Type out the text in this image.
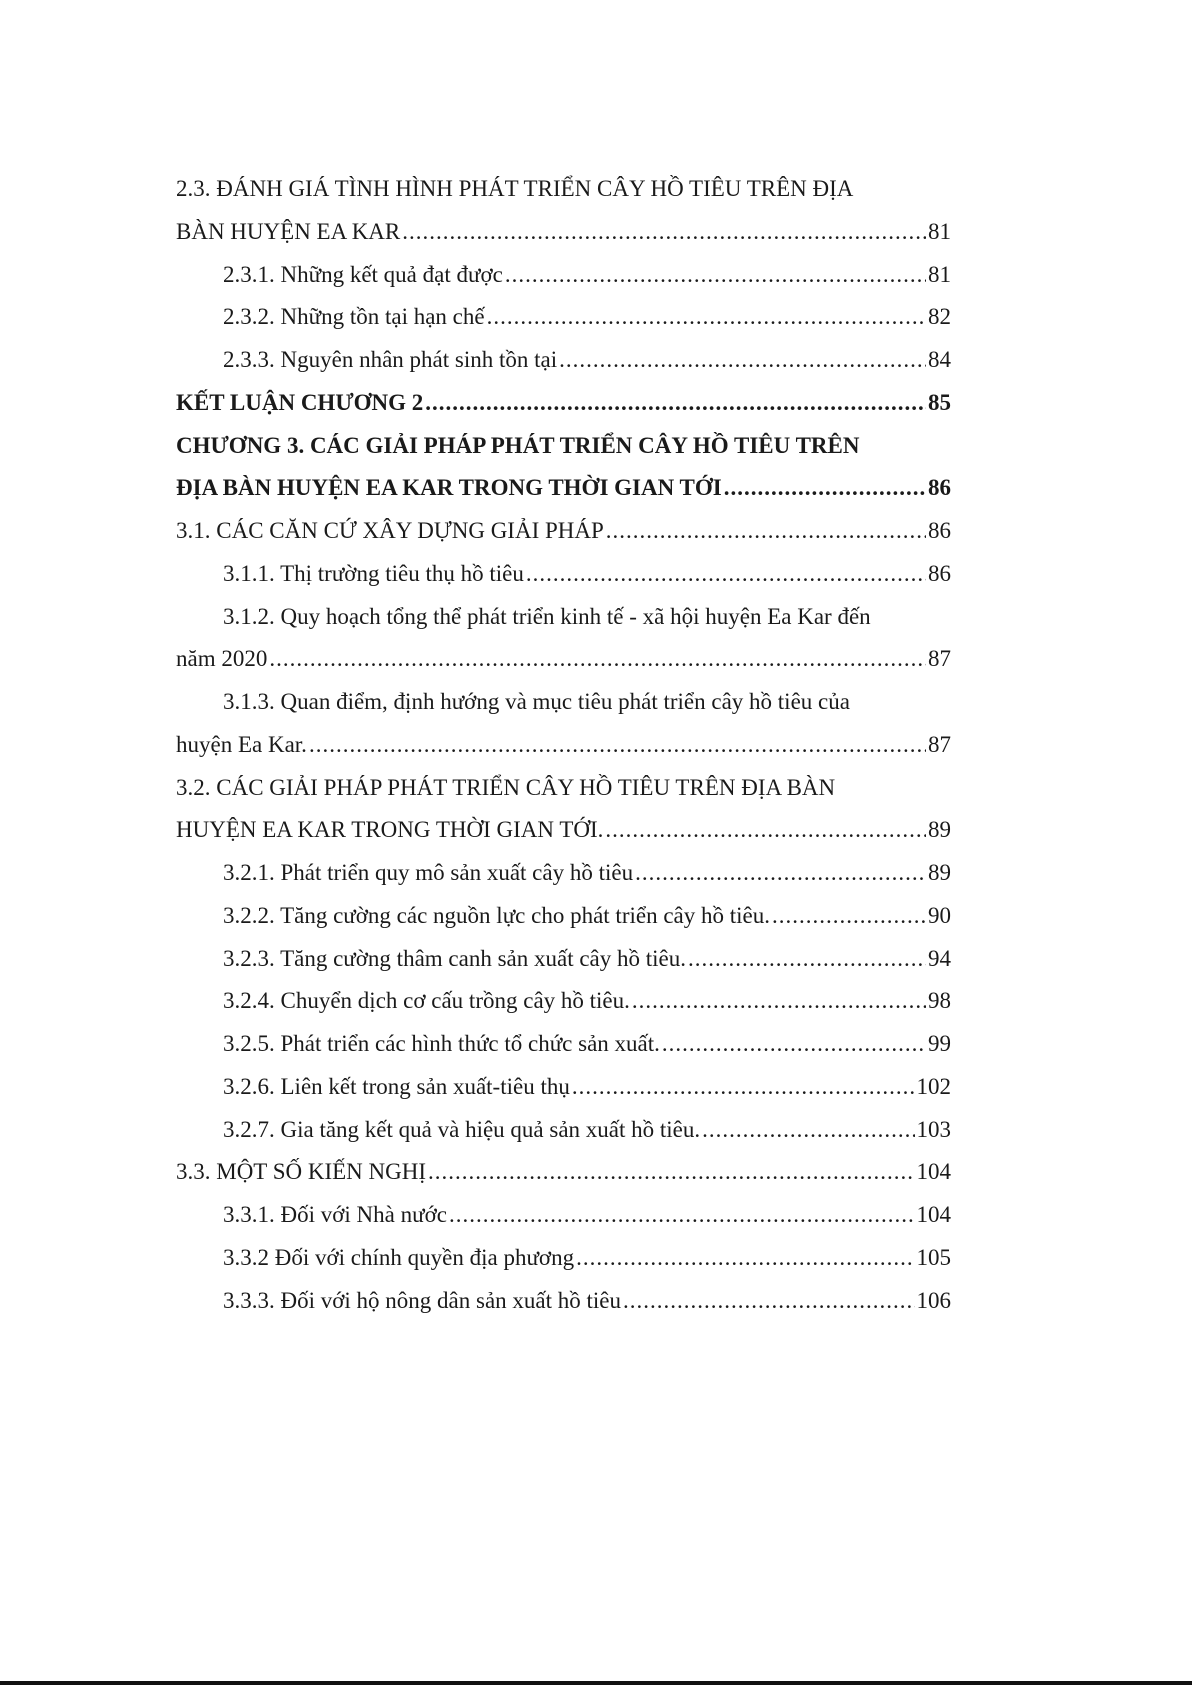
2.3. ĐÁNH GIÁ TÌNH HÌNH PHÁT TRIỂN CÂY HỒ TIÊU TRÊN ĐỊA
BÀN HUYỆN EA KAR .....	81
2.3.1. Những kết quả đạt được .....	81
2.3.2. Những tồn tại hạn chế .....	82
2.3.3. Nguyên nhân phát sinh tồn tại .....	84
KẾT LUẬN CHƯƠNG 2 .....	85
CHƯƠNG 3. CÁC GIẢI PHÁP PHÁT TRIỂN CÂY HỒ TIÊU TRÊN
ĐỊA BÀN HUYỆN EA KAR TRONG THỜI GIAN TỚI .....	86
3.1. CÁC CĂN CỨ XÂY DỰNG GIẢI PHÁP .....	86
3.1.1. Thị trường tiêu thụ hồ tiêu .....	86
3.1.2. Quy hoạch tổng thể phát triển kinh tế - xã hội huyện Ea Kar đến
năm 2020 .....	87
3.1.3. Quan điểm, định hướng và mục tiêu phát triển cây hồ tiêu của
huyện Ea Kar. .....	87
3.2. CÁC GIẢI PHÁP PHÁT TRIỂN CÂY HỒ TIÊU TRÊN ĐỊA BÀN
HUYỆN EA KAR TRONG THỜI GIAN TỚI. .....	89
3.2.1. Phát triển quy mô sản xuất cây hồ tiêu .....	89
3.2.2. Tăng cường các nguồn lực cho phát triển cây hồ tiêu. .....	90
3.2.3. Tăng cường thâm canh sản xuất cây hồ tiêu. .....	94
3.2.4. Chuyển dịch cơ cấu trồng cây hồ tiêu. .....	98
3.2.5. Phát triển các hình thức tổ chức sản xuất. .....	99
3.2.6. Liên kết trong sản xuất-tiêu thụ .....	102
3.2.7. Gia tăng kết quả và hiệu quả sản xuất hồ tiêu. .....	103
3.3. MỘT SỐ KIẾN NGHỊ .....	104
3.3.1. Đối với Nhà nước .....	104
3.3.2 Đối với chính quyền địa phương .....	105
3.3.3. Đối với hộ nông dân sản xuất hồ tiêu .....	106
